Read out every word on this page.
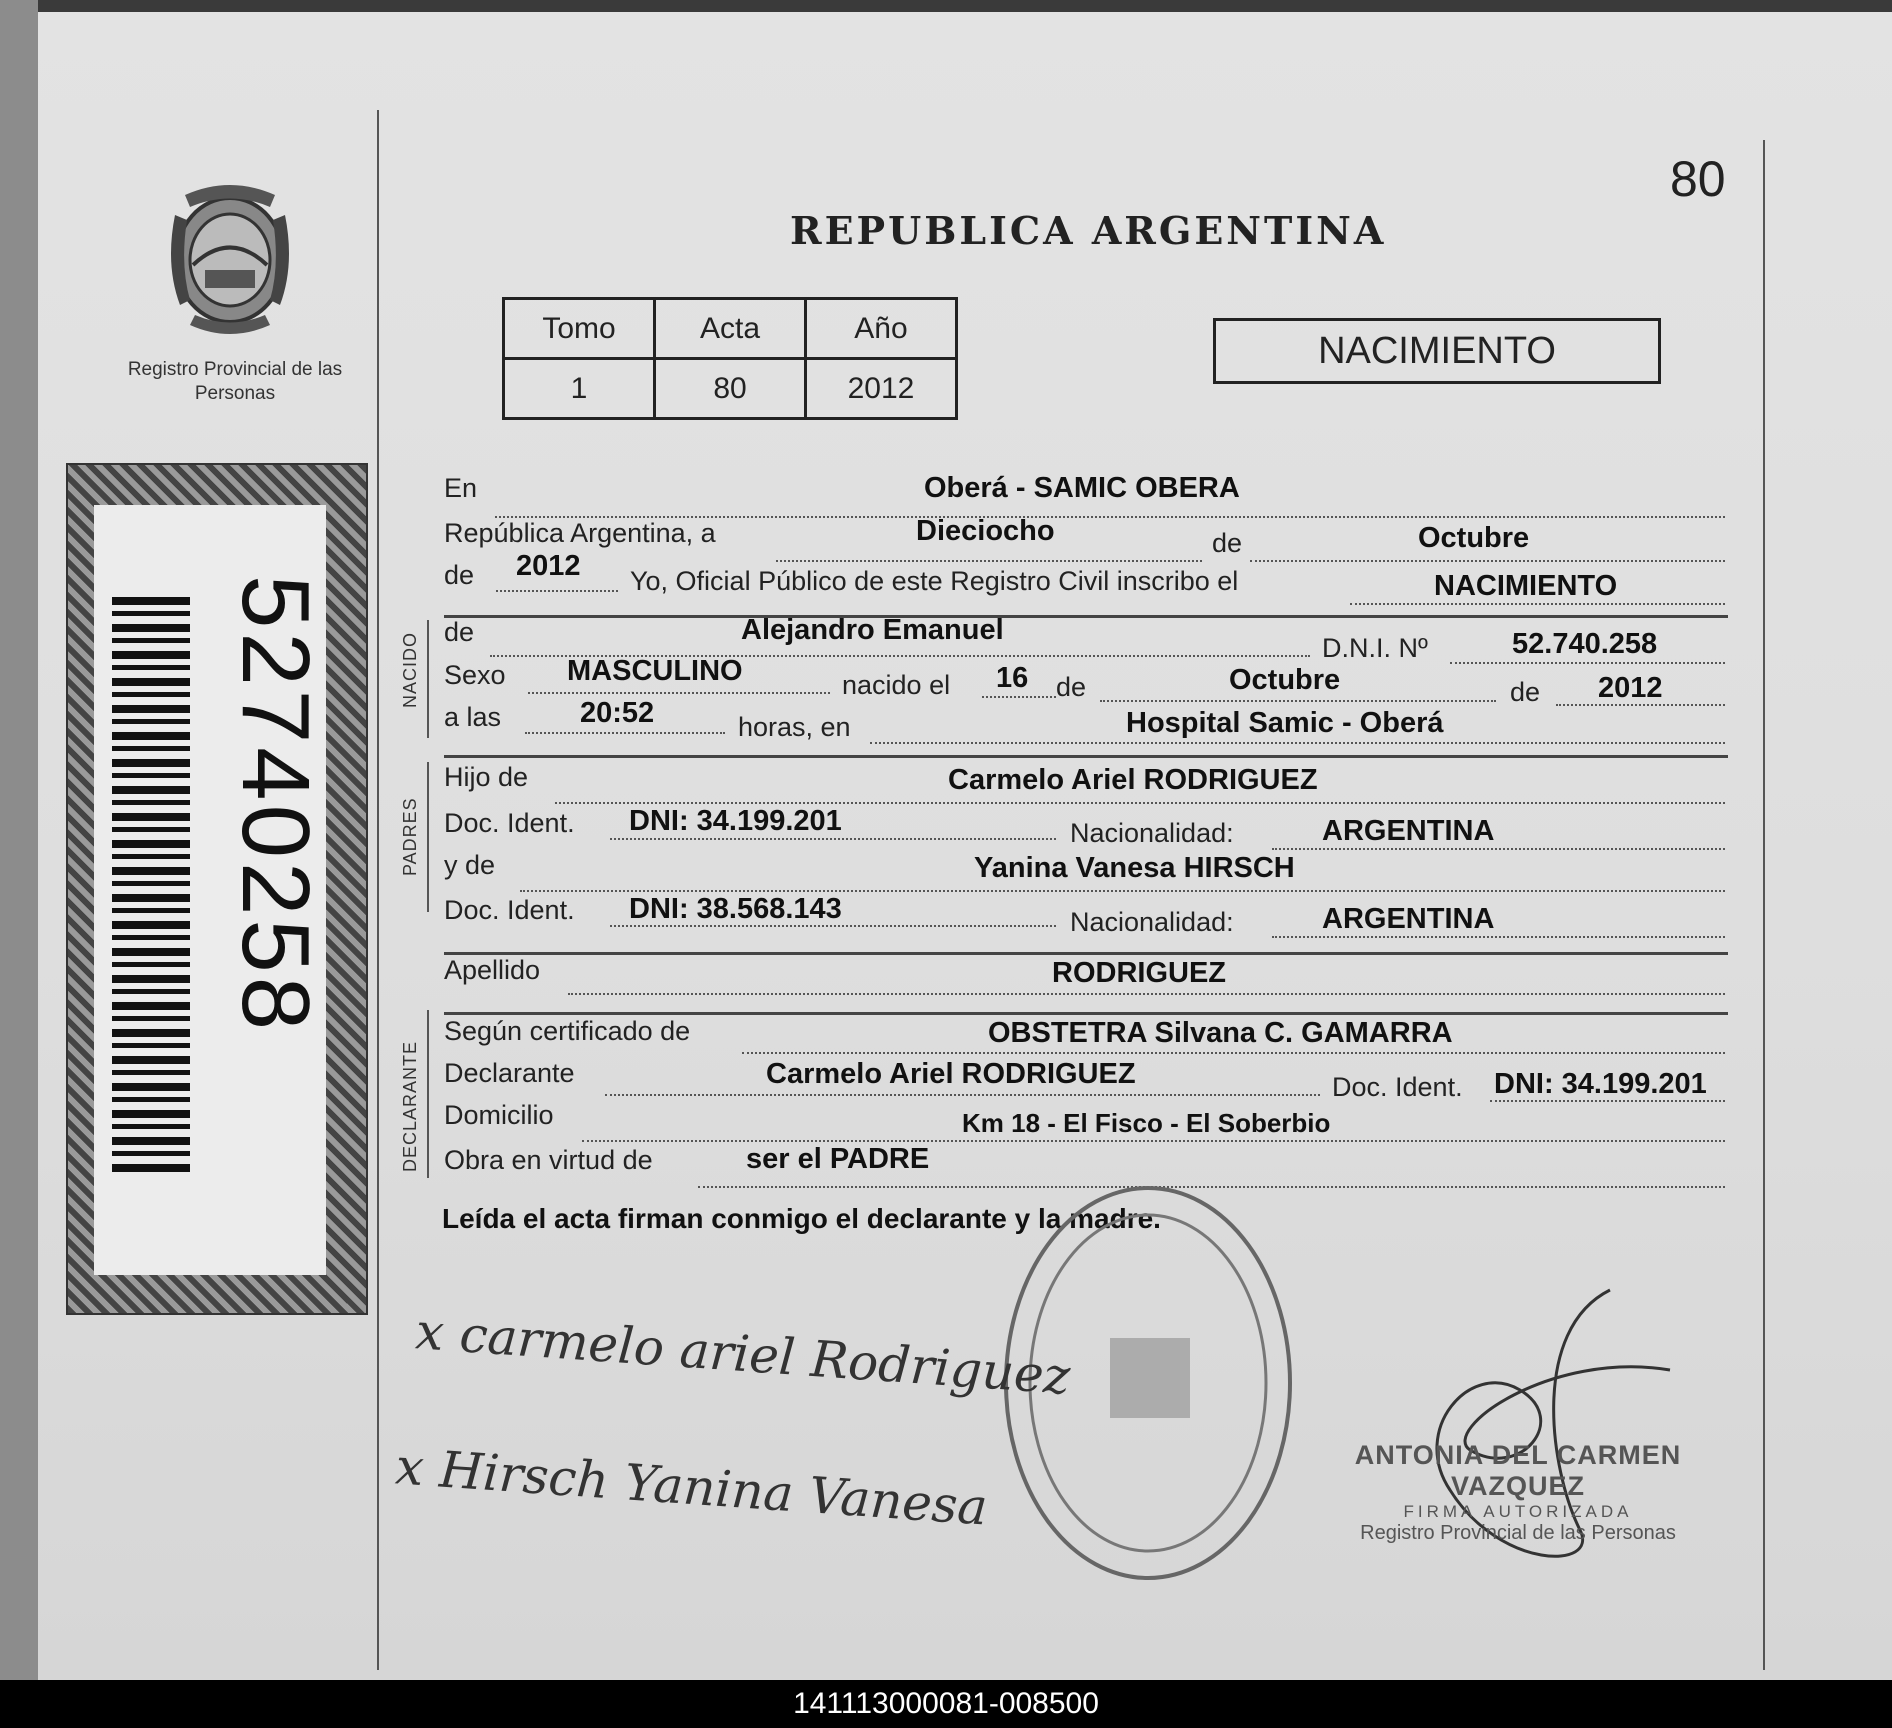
Registro Provincial de las Personas
52740258
80
REPUBLICA ARGENTINA
Tomo	Acta	Año
1	80	2012
NACIMIENTO
NACIDO
PADRES
DECLARANTE
En	Oberá - SAMIC OBERA
República Argentina, a	Dieciocho	de	Octubre
de 2012 Yo, Oficial Público de este Registro Civil inscribo el	NACIMIENTO
de	Alejandro Emanuel
D.N.I. Nº	52.740.258
Sexo MASCULINO	nacido el 16 de	Octubre	de 2012
a las	20:52	horas, en	Hospital Samic - Oberá
Hijo de	Carmelo Ariel RODRIGUEZ
Doc. Ident. DNI: 34.199.201	Nacionalidad:	ARGENTINA
y de	Yanina Vanesa HIRSCH
Doc. Ident. DNI: 38.568.143	Nacionalidad:	ARGENTINA
Apellido	RODRIGUEZ
Según certificado de	OBSTETRA Silvana C. GAMARRA
Declarante	Carmelo Ariel RODRIGUEZ	Doc. Ident. DNI: 34.199.201
Domicilio	Km 18 - El Fisco - El Soberbio
Obra en virtud de	ser el PADRE
Leída el acta firman conmigo el declarante y la madre.
x carmelo ariel Rodriguez
x Hirsch Yanina Vanesa	ANTONIA DEL CARMEN VAZQUEZ
FIRMA AUTORIZADA
Registro Provincial de las Personas
141113000081-008500
